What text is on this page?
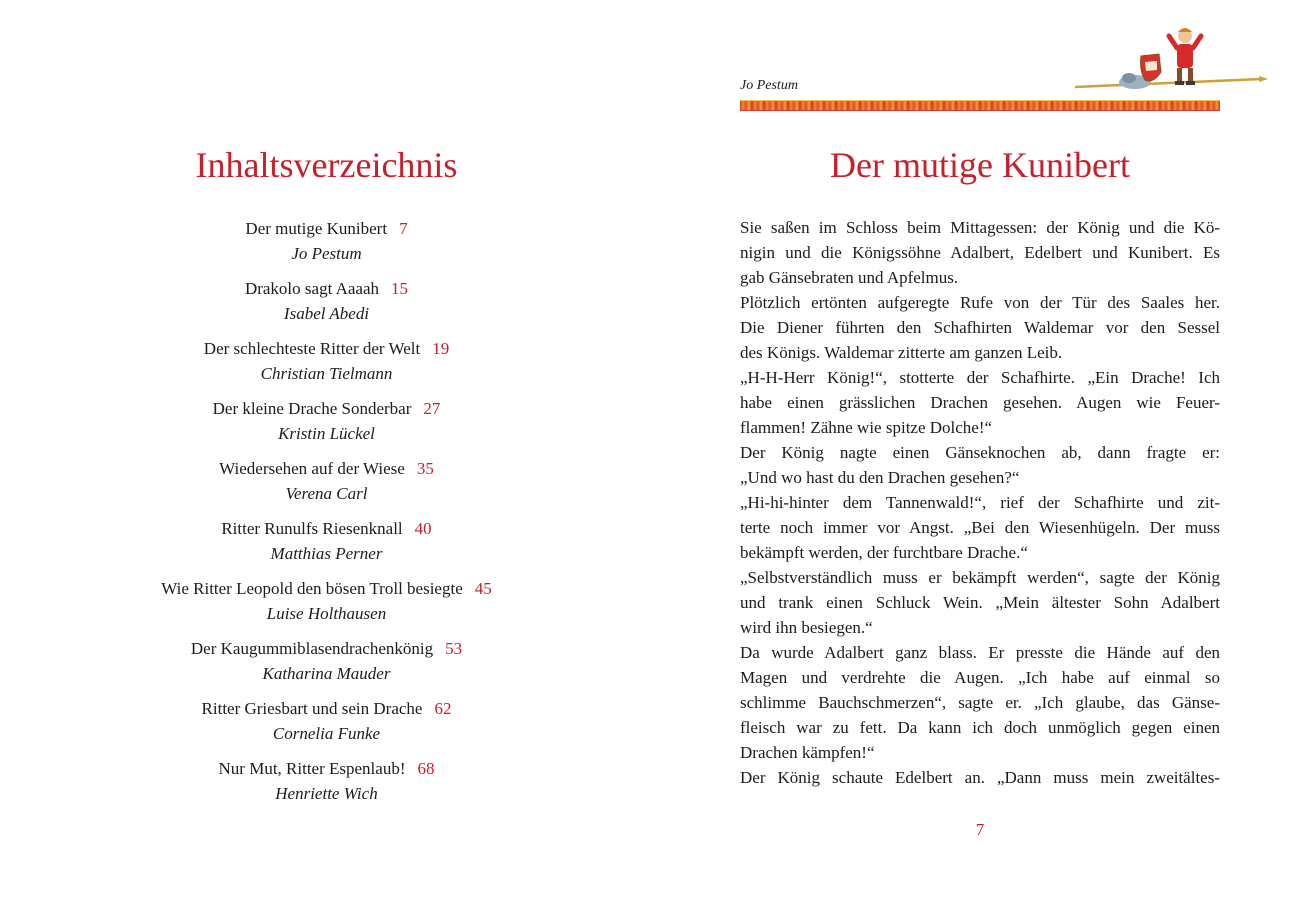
Inhaltsverzeichnis
Der mutige Kunibert 7
Jo Pestum
Drakolo sagt Aaaah 15
Isabel Abedi
Der schlechteste Ritter der Welt 19
Christian Tielmann
Der kleine Drache Sonderbar 27
Kristin Lückel
Wiedersehen auf der Wiese 35
Verena Carl
Ritter Runulfs Riesenknall 40
Matthias Perner
Wie Ritter Leopold den bösen Troll besiegte 45
Luise Holthausen
Der Kaugummiblasendrachenkönig 53
Katharina Mauder
Ritter Griesbart und sein Drache 62
Cornelia Funke
Nur Mut, Ritter Espenlaub! 68
Henriette Wich
Jo Pestum
Der mutige Kunibert
Sie saßen im Schloss beim Mittagessen: der König und die Kö-
nigin und die Königssöhne Adalbert, Edelbert und Kunibert. Es
gab Gänsebraten und Apfelmus.
Plötzlich ertönten aufgeregte Rufe von der Tür des Saales her.
Die Diener führten den Schafhirten Waldemar vor den Sessel
des Königs. Waldemar zitterte am ganzen Leib.
„H-H-Herr König!“, stotterte der Schafhirte. „Ein Drache! Ich
habe einen grässlichen Drachen gesehen. Augen wie Feuer-
flammen! Zähne wie spitze Dolche!“
Der König nagte einen Gänseknochen ab, dann fragte er:
„Und wo hast du den Drachen gesehen?“
„Hi-hi-hinter dem Tannenwald!“, rief der Schafhirte und zit-
terte noch immer vor Angst. „Bei den Wiesenhügeln. Der muss
bekämpft werden, der furchtbare Drache.“
„Selbstverständlich muss er bekämpft werden“, sagte der König
und trank einen Schluck Wein. „Mein ältester Sohn Adalbert
wird ihn besiegen.“
Da wurde Adalbert ganz blass. Er presste die Hände auf den
Magen und verdrehte die Augen. „Ich habe auf einmal so
schlimme Bauchschmerzen“, sagte er. „Ich glaube, das Gänse-
fleisch war zu fett. Da kann ich doch unmöglich gegen einen
Drachen kämpfen!“
Der König schaute Edelbert an. „Dann muss mein zweitältes-
7
